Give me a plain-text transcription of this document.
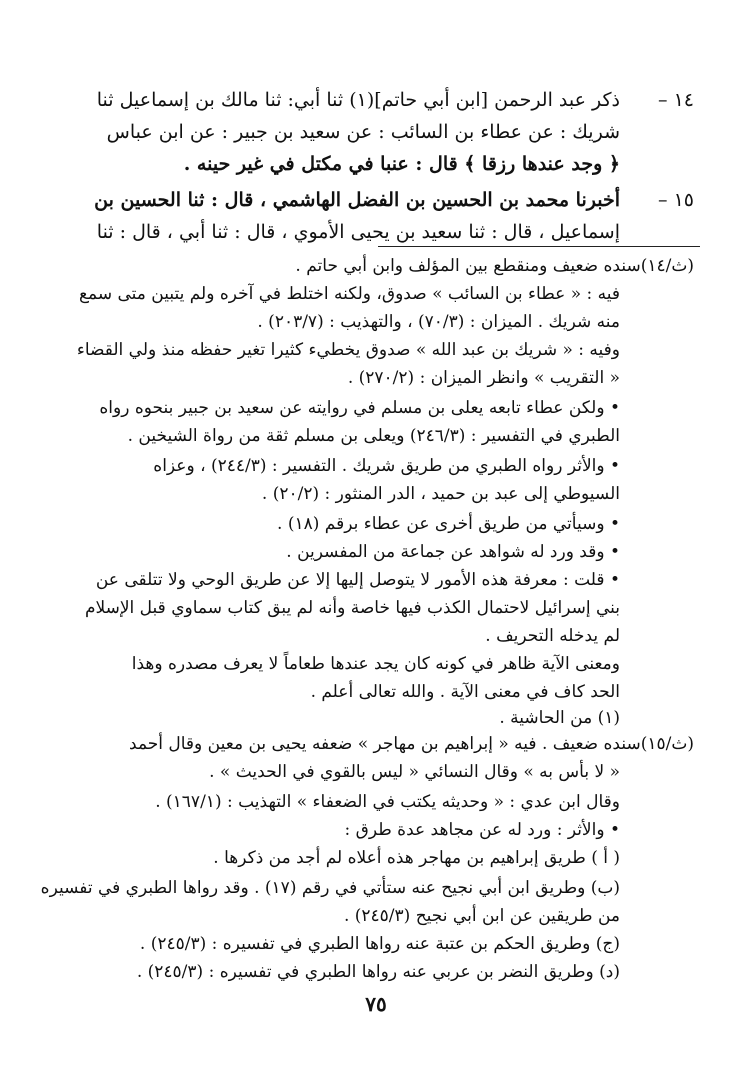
١٤ –
ذكر عبد الرحمن [ابن أبي حاتم](١) ثنا أبي: ثنا مالك بن إسماعيل ثنا
شريك : عن عطاء بن السائب : عن سعيد بن جبير : عن ابن عباس
﴿ وجد عندها رزقا ﴾ قال : عنبا في مكتل في غير حينه .
١٥ –
أخبرنا محمد بن الحسين بن الفضل الهاشمي ، قال : ثنا الحسين بن
إسماعيل ، قال : ثنا سعيد بن يحيى الأموي ، قال : ثنا أبي ، قال : ثنا
(ث/١٤)سنده ضعيف ومنقطع بين المؤلف وابن أبي حاتم .
فيه : « عطاء بن السائب » صدوق، ولكنه اختلط في آخره ولم يتبين متى سمع
منه شريك . الميزان : (٧٠/٣) ، والتهذيب : (٢٠٣/٧) .
وفيه : « شريك بن عبد الله » صدوق يخطيء كثيرا تغير حفظه منذ ولي القضاء
« التقريب » وانظر الميزان : (٢٧٠/٢) .
• ولكن عطاء تابعه يعلى بن مسلم في روايته عن سعيد بن جبير بنحوه رواه
الطبري في التفسير : (٢٤٦/٣) ويعلى بن مسلم ثقة من رواة الشيخين .
• والأثر رواه الطبري من طريق شريك . التفسير : (٢٤٤/٣) ، وعزاه
السيوطي إلى عبد بن حميد ، الدر المنثور : (٢٠/٢) .
• وسيأتي من طريق أخرى عن عطاء برقم (١٨) .
• وقد ورد له شواهد عن جماعة من المفسرين .
• قلت : معرفة هذه الأمور لا يتوصل إليها إلا عن طريق الوحي ولا تتلقى عن
بني إسرائيل لاحتمال الكذب فيها خاصة وأنه لم يبق كتاب سماوي قبل الإسلام
لم يدخله التحريف .
ومعنى الآية ظاهر في كونه كان يجد عندها طعاماً لا يعرف مصدره وهذا
الحد كاف في معنى الآية . والله تعالى أعلم .
(١) من الحاشية .
(ث/١٥)سنده ضعيف . فيه « إبراهيم بن مهاجر » ضعفه يحيى بن معين وقال أحمد
« لا بأس به » وقال النسائي « ليس بالقوي في الحديث » .
وقال ابن عدي : « وحديثه يكتب في الضعفاء » التهذيب : (١٦٧/١) .
• والأثر : ورد له عن مجاهد عدة طرق :
( أ ) طريق إبراهيم بن مهاجر هذه أعلاه لم أجد من ذكرها .
(ب) وطريق ابن أبي نجيح عنه ستأتي في رقم (١٧) . وقد رواها الطبري في تفسيره
من طريقين عن ابن أبي نجيح (٢٤٥/٣) .
(ج) وطريق الحكم بن عتبة عنه رواها الطبري في تفسيره : (٢٤٥/٣) .
(د) وطريق النضر بن عربي عنه رواها الطبري في تفسيره : (٢٤٥/٣) .
٧٥
